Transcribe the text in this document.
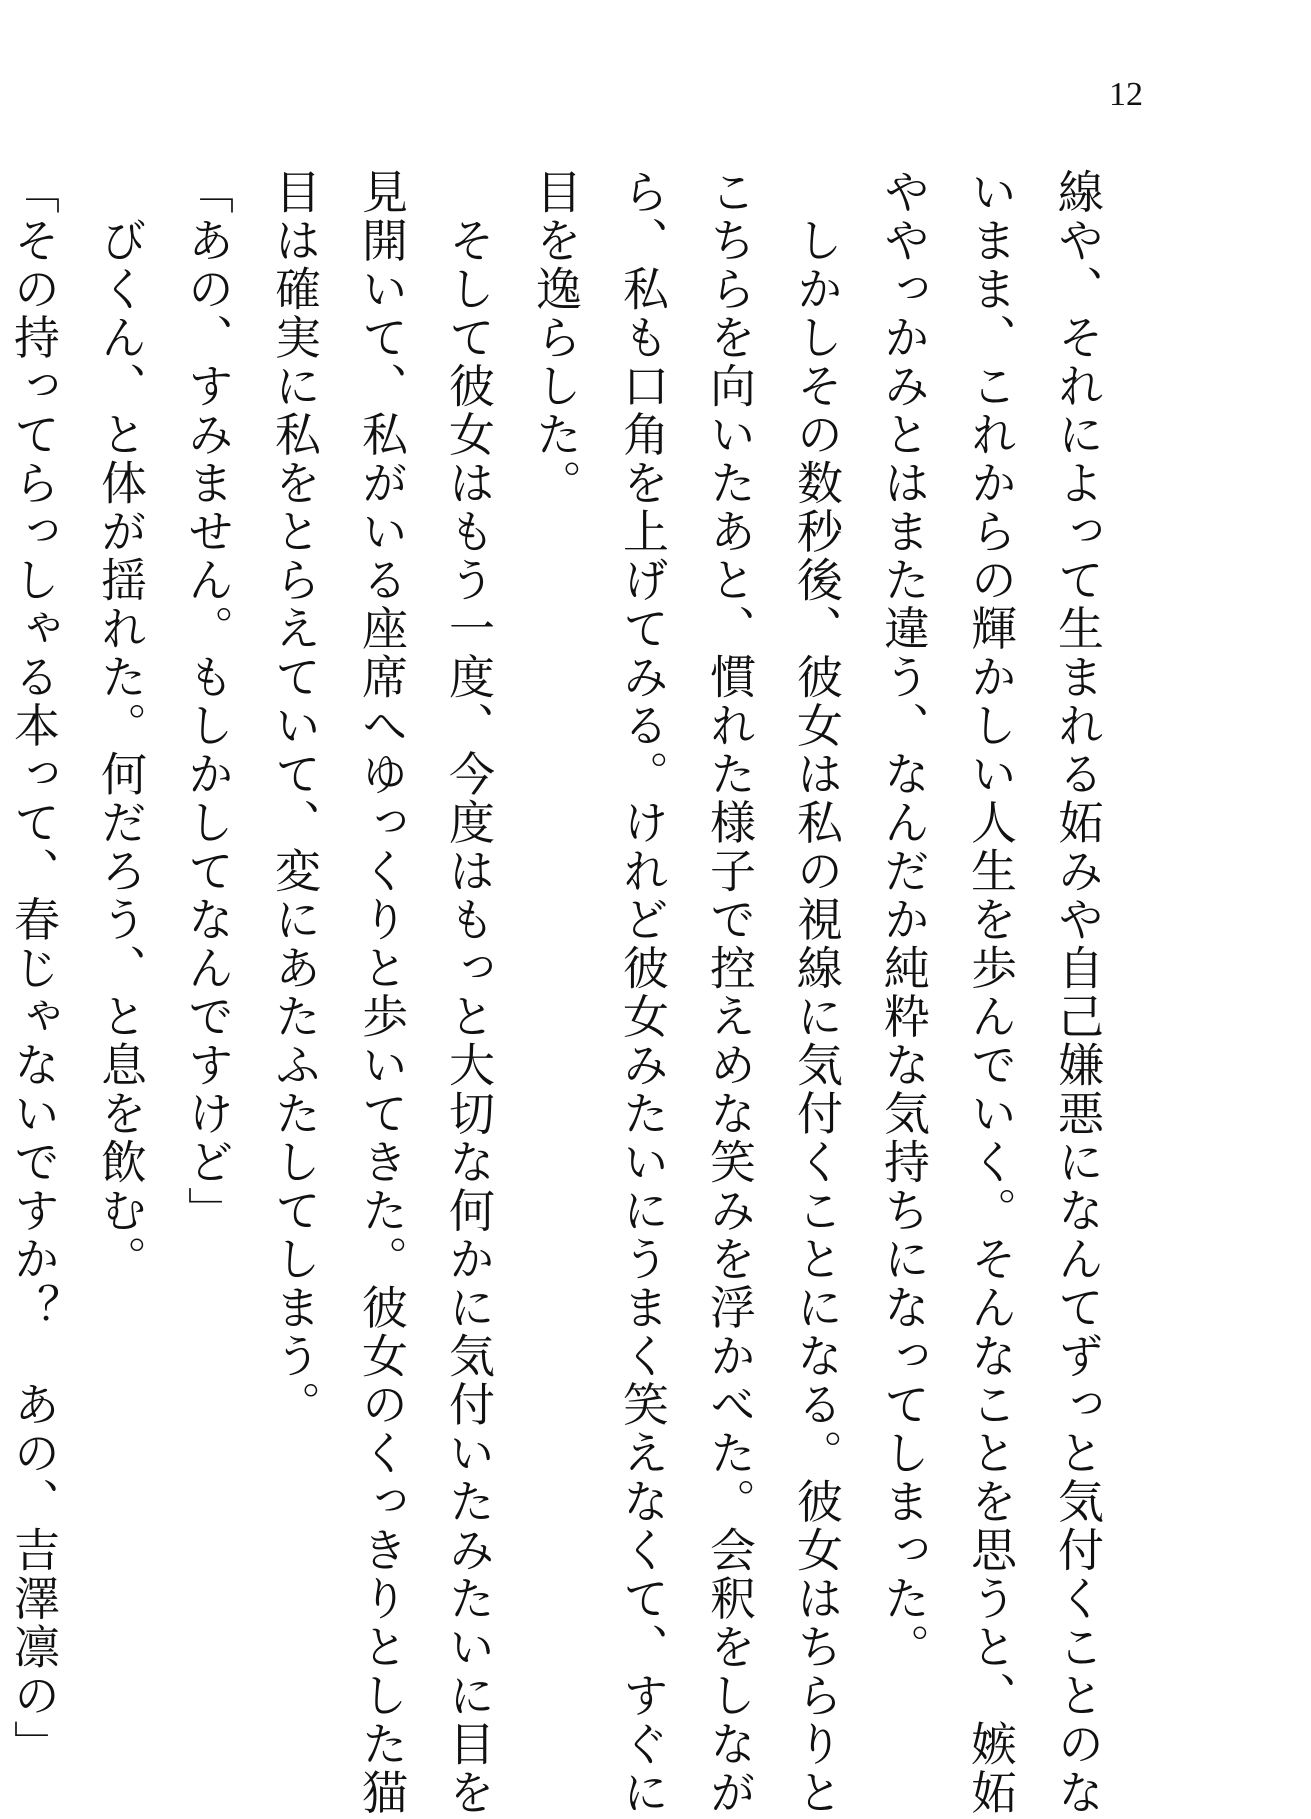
12

線や、それによって生まれる妬みや自己嫌悪になんてずっと気付くことのな

いまま、これからの輝かしい人生を歩んでいく。そんなことを思うと、嫉妬

ややっかみとはまた違う、なんだか純粋な気持ちになってしまった。

　しかしその数秒後、彼女は私の視線に気付くことになる。彼女はちらりと

こちらを向いたあと、慣れた様子で控えめな笑みを浮かべた。会釈をしなが

ら、私も口角を上げてみる。けれど彼女みたいにうまく笑えなくて、すぐに

目を逸らした。

　そして彼女はもう一度、今度はもっと大切な何かに気付いたみたいに目を

見開いて、私がいる座席へゆっくりと歩いてきた。彼女のくっきりとした猫

目は確実に私をとらえていて、変にあたふたしてしまう。

「あの、すみません。もしかしてなんですけど」

　びくん、と体が揺れた。何だろう、と息を飲む。

「その持ってらっしゃる本って、春じゃないですか？　あの、吉澤凛の」
